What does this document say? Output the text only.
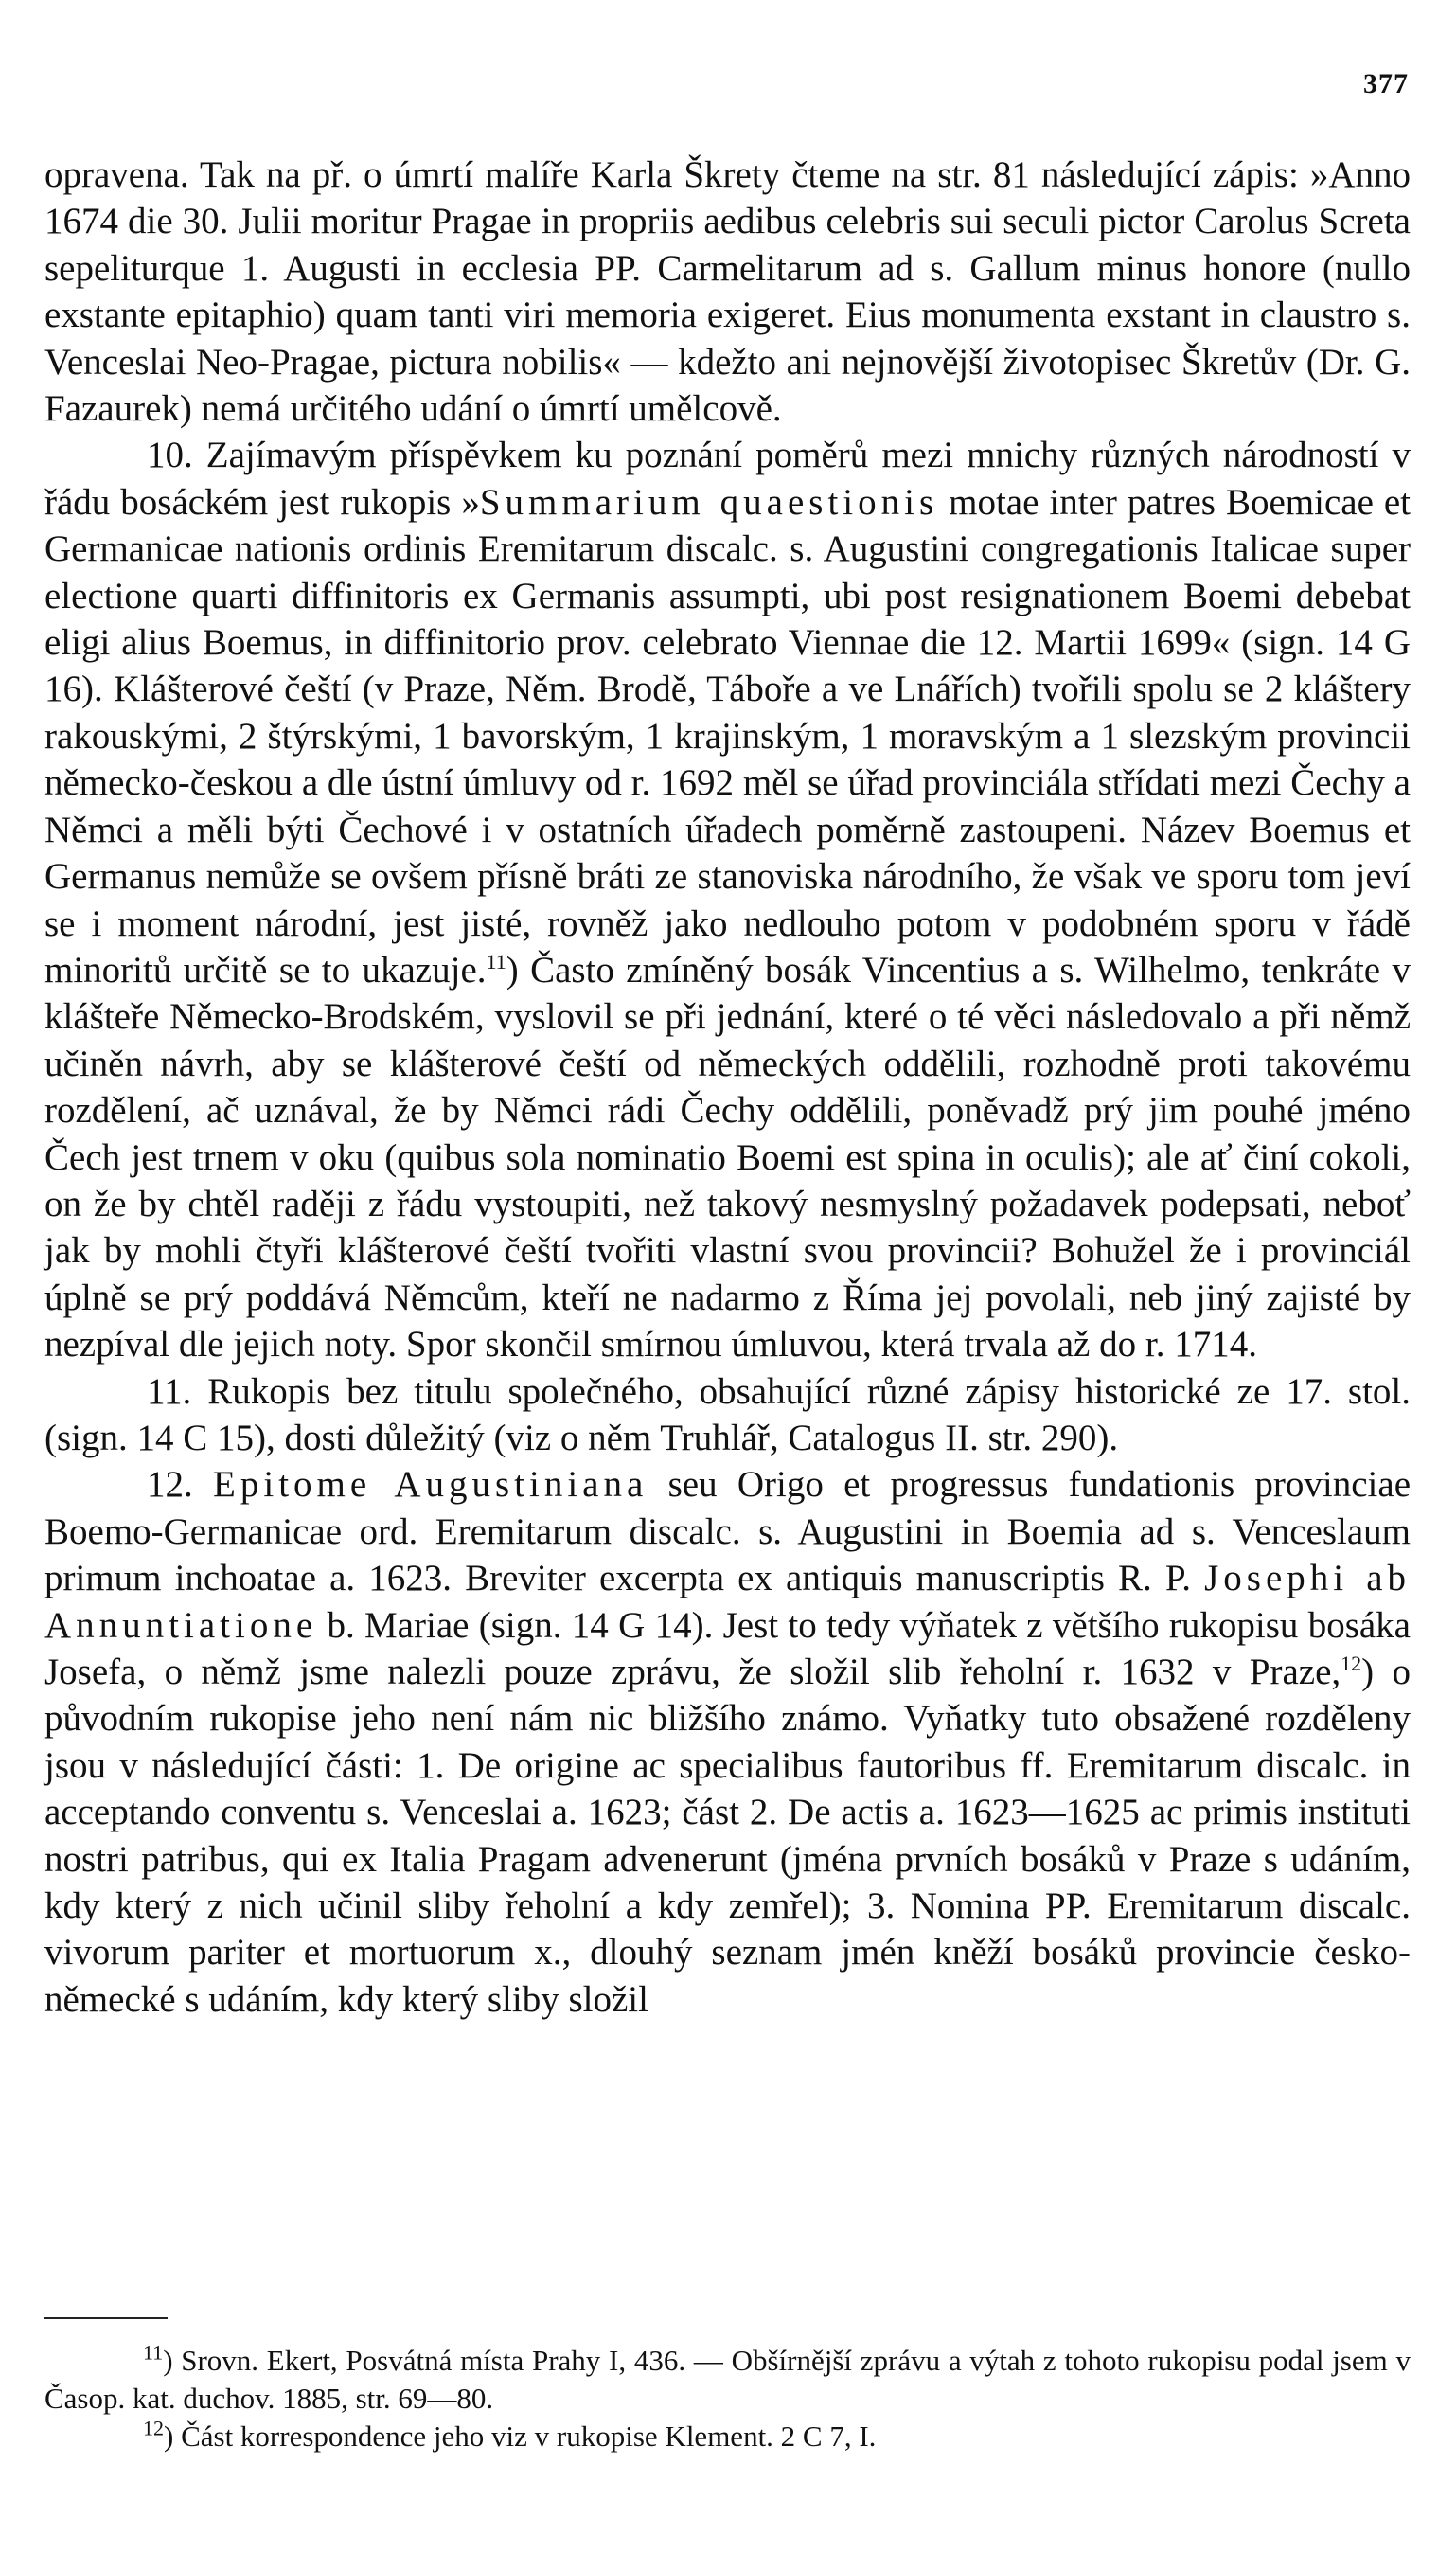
377

opravena. Tak na př. o úmrtí malíře Karla Škrety čteme na str. 81 následující zápis: »Anno 1674 die 30. Julii moritur Pragae in propriis aedibus celebris sui seculi pictor Carolus Screta sepeliturque 1. Augusti in ecclesia PP. Carmelitarum ad s. Gallum minus honore (nullo exstante epitaphio) quam tanti viri memoria exigeret. Eius monumenta exstant in claustro s. Venceslai Neo-Pragae, pictura nobilis« — kdežto ani nejnovější životopisec Škretův (Dr. G. Fazaurek) nemá určitého udání o úmrtí umělcově.

10. Zajímavým příspěvkem ku poznání poměrů mezi mnichy různých národností v řádu bosáckém jest rukopis »Summarium quaestionis motae inter patres Boemicae et Germanicae nationis ordinis Eremitarum discalc. s. Augustini congregationis Italicae super electione quarti diffinitoris ex Germanis assumpti, ubi post resignationem Boemi debebat eligi alius Boemus, in diffinitorio prov. celebrato Viennae die 12. Martii 1699« (sign. 14 G 16). Klášterové čeští (v Praze, Něm. Brodě, Táboře a ve Lnářích) tvořili spolu se 2 kláštery rakouskými, 2 štýrskými, 1 bavorským, 1 krajinským, 1 moravským a 1 slezským provincii německo-českou a dle ústní úmluvy od r. 1692 měl se úřad provinciála střídati mezi Čechy a Němci a měli býti Čechové i v ostatních úřadech poměrně zastoupeni. Název Boemus et Germanus nemůže se ovšem přísně bráti ze stanoviska národního, že však ve sporu tom jeví se i moment národní, jest jisté, rovněž jako nedlouho potom v podobném sporu v řádě minoritů určitě se to ukazuje.$^{11}$) Často zmíněný bosák Vincentius a s. Wilhelmo, tenkráte v klášteře Německo-Brodském, vyslovil se při jednání, které o té věci následovalo a při němž učiněn návrh, aby se klášterové čeští od německých oddělili, rozhodně proti takovému rozdělení, ač uznával, že by Němci rádi Čechy oddělili, poněvadž prý jim pouhé jméno Čech jest trnem v oku (quibus sola nominatio Boemi est spina in oculis); ale ať činí cokoli, on že by chtěl raději z řádu vystoupiti, než takový nesmyslný požadavek podepsati, neboť jak by mohli čtyři klášterové čeští tvořiti vlastní svou provincii? Bohužel že i provinciál úplně se prý poddává Němcům, kteří ne nadarmo z Říma jej povolali, neb jiný zajisté by nezpíval dle jejich noty. Spor skončil smírnou úmluvou, která trvala až do r. 1714.

11. Rukopis bez titulu společného, obsahující různé zápisy historické ze 17. stol. (sign. 14 C 15), dosti důležitý (viz o něm Truhlář, Catalogus II. str. 290).

12. Epitome Augustiniana seu Origo et progressus fundationis provinciae Boemo-Germanicae ord. Eremitarum discalc. s. Augustini in Boemia ad s. Venceslaum primum inchoatae a. 1623. Breviter excerpta ex antiquis manuscriptis R. P. Josephi ab Annuntiatione b. Mariae (sign. 14 G 14). Jest to tedy výňatek z většího rukopisu bosáka Josefa, o němž jsme nalezli pouze zprávu, že složil slib řeholní r. 1632 v Praze,$^{12}$) o původním rukopise jeho není nám nic bližšího známo. Vyňatky tuto obsažené rozděleny jsou v následující části: 1. De origine ac specialibus fautoribus ff. Eremitarum discalc. in acceptando conventu s. Venceslai a. 1623; část 2. De actis a. 1623—1625 ac primis instituti nostri patribus, qui ex Italia Pragam advenerunt (jména prvních bosáků v Praze s udáním, kdy který z nich učinil sliby řeholní a kdy zemřel); 3. Nomina PP. Eremitarum discalc. vivorum pariter et mortuorum x., dlouhý seznam jmén kněží bosáků provincie česko-německé s udáním, kdy který sliby složil

$^{11}$) Srovn. Ekert, Posvátná místa Prahy I, 436. — Obšírnější zprávu a výtah z tohoto rukopisu podal jsem v Časop. kat. duchov. 1885, str. 69—80.

$^{12}$) Část korrespondence jeho viz v rukopise Klement. 2 C 7, I.
